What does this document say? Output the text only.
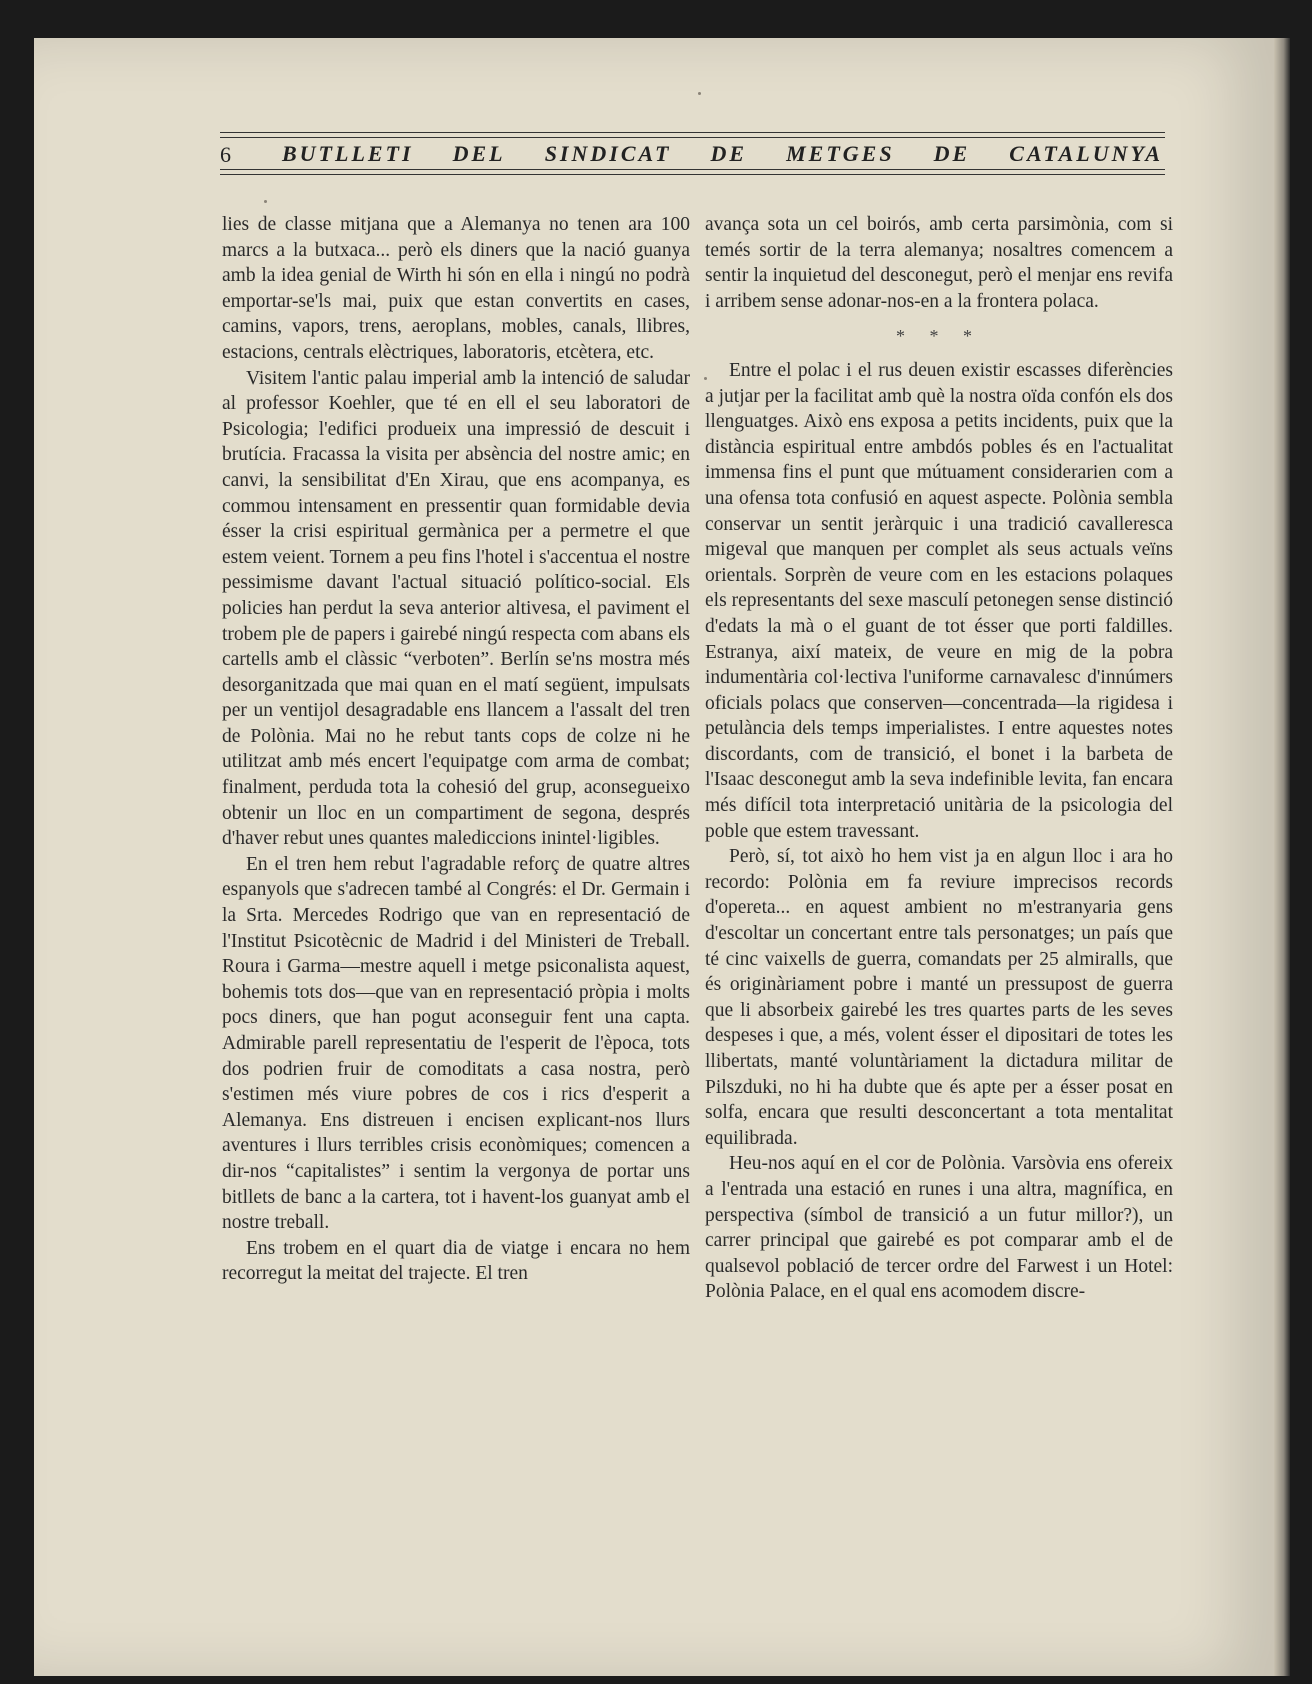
6 BUTLLETI DEL SINDICAT DE METGES DE CATALUNYA

lies de classe mitjana que a Alemanya no tenen ara 100 marcs a la butxaca... però els diners que la nació guanya amb la idea genial de Wirth hi són en ella i ningú no podrà emportar-se'ls mai, puix que estan convertits en cases, camins, vapors, trens, aeroplans, mobles, canals, llibres, estacions, centrals elèctriques, laboratoris, etcètera, etc.

Visitem l'antic palau imperial amb la intenció de saludar al professor Koehler, que té en ell el seu laboratori de Psicologia; l'edifici produeix una impressió de descuit i brutícia. Fracassa la visita per absència del nostre amic; en canvi, la sensibilitat d'En Xirau, que ens acompanya, es commou intensament en pressentir quan formidable devia ésser la crisi espiritual germànica per a permetre el que estem veient. Tornem a peu fins l'hotel i s'accentua el nostre pessimisme davant l'actual situació político-social. Els policies han perdut la seva anterior altivesa, el paviment el trobem ple de papers i gairebé ningú respecta com abans els cartells amb el clàssic “verboten”. Berlín se'ns mostra més desorganitzada que mai quan en el matí següent, impulsats per un ventijol desagradable ens llancem a l'assalt del tren de Polònia. Mai no he rebut tants cops de colze ni he utilitzat amb més encert l'equipatge com arma de combat; finalment, perduda tota la cohesió del grup, aconsegueixo obtenir un lloc en un compartiment de segona, després d'haver rebut unes quantes malediccions inintel·ligibles.

En el tren hem rebut l'agradable reforç de quatre altres espanyols que s'adrecen també al Congrés: el Dr. Germain i la Srta. Mercedes Rodrigo que van en representació de l'Institut Psicotècnic de Madrid i del Ministeri de Treball. Roura i Garma—mestre aquell i metge psiconalista aquest, bohemis tots dos—que van en representació pròpia i molts pocs diners, que han pogut aconseguir fent una capta. Admirable parell representatiu de l'esperit de l'època, tots dos podrien fruir de comoditats a casa nostra, però s'estimen més viure pobres de cos i rics d'esperit a Alemanya. Ens distreuen i encisen explicant-nos llurs aventures i llurs terribles crisis econòmiques; comencen a dir-nos “capitalistes” i sentim la vergonya de portar uns bitllets de banc a la cartera, tot i havent-los guanyat amb el nostre treball.

Ens trobem en el quart dia de viatge i encara no hem recorregut la meitat del trajecte. El tren

avança sota un cel boirós, amb certa parsimònia, com si temés sortir de la terra alemanya; nosaltres comencem a sentir la inquietud del desconegut, però el menjar ens revifa i arribem sense adonar-nos-en a la frontera polaca.

* * *

Entre el polac i el rus deuen existir escasses diferències a jutjar per la facilitat amb què la nostra oïda confón els dos llenguatges. Això ens exposa a petits incidents, puix que la distància espiritual entre ambdós pobles és en l'actualitat immensa fins el punt que mútuament considerarien com a una ofensa tota confusió en aquest aspecte. Polònia sembla conservar un sentit jeràrquic i una tradició cavalleresca migeval que manquen per complet als seus actuals veïns orientals. Sorprèn de veure com en les estacions polaques els representants del sexe masculí petonegen sense distinció d'edats la mà o el guant de tot ésser que porti faldilles. Estranya, així mateix, de veure en mig de la pobra indumentària col·lectiva l'uniforme carnavalesc d'innúmers oficials polacs que conserven—concentrada—la rigidesa i petulància dels temps imperialistes. I entre aquestes notes discordants, com de transició, el bonet i la barbeta de l'Isaac desconegut amb la seva indefinible levita, fan encara més difícil tota interpretació unitària de la psicologia del poble que estem travessant.

Però, sí, tot això ho hem vist ja en algun lloc i ara ho recordo: Polònia em fa reviure imprecisos records d'opereta... en aquest ambient no m'estranyaria gens d'escoltar un concertant entre tals personatges; un país que té cinc vaixells de guerra, comandats per 25 almiralls, que és originàriament pobre i manté un pressupost de guerra que li absorbeix gairebé les tres quartes parts de les seves despeses i que, a més, volent ésser el dipositari de totes les llibertats, manté voluntàriament la dictadura militar de Pilszduki, no hi ha dubte que és apte per a ésser posat en solfa, encara que resulti desconcertant a tota mentalitat equilibrada.

Heu-nos aquí en el cor de Polònia. Varsòvia ens ofereix a l'entrada una estació en runes i una altra, magnífica, en perspectiva (símbol de transició a un futur millor?), un carrer principal que gairebé es pot comparar amb el de qualsevol població de tercer ordre del Farwest i un Hotel: Polònia Palace, en el qual ens acomodem discre-
